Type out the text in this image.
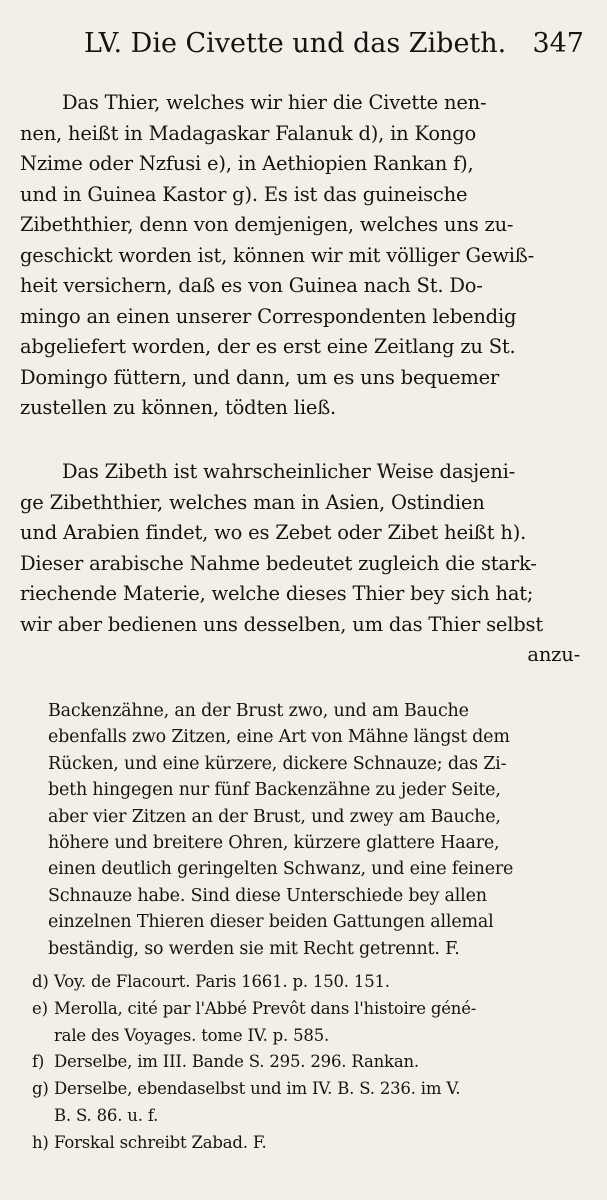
LV. Die Civette und das Zibeth. 347
Das Thier, welches wir hier die Civette nen-
nen, heißt in Madagaskar Falanuk d), in Kongo
Nzime oder Nzfusi e), in Aethiopien Rankan f),
und in Guinea Kastor g). Es ist das guineische
Zibeththier, denn von demjenigen, welches uns zu-
geschickt worden ist, können wir mit völliger Gewiß-
heit versichern, daß es von Guinea nach St. Do-
mingo an einen unserer Correspondenten lebendig
abgeliefert worden, der es erst eine Zeitlang zu St.
Domingo füttern, und dann, um es uns bequemer
zustellen zu können, tödten ließ.
Das Zibeth ist wahrscheinlicher Weise dasjeni-
ge Zibeththier, welches man in Asien, Ostindien
und Arabien findet, wo es Zebet oder Zibet heißt h).
Dieser arabische Nahme bedeutet zugleich die stark-
riechende Materie, welche dieses Thier bey sich hat;
wir aber bedienen uns desselben, um das Thier selbst
anzu-
Backenzähne, an der Brust zwo, und am Bauche
ebenfalls zwo Zitzen, eine Art von Mähne längst dem
Rücken, und eine kürzere, dickere Schnauze; das Zi-
beth hingegen nur fünf Backenzähne zu jeder Seite,
aber vier Zitzen an der Brust, und zwey am Bauche,
höhere und breitere Ohren, kürzere glattere Haare,
einen deutlich geringelten Schwanz, und eine feinere
Schnauze habe. Sind diese Unterschiede bey allen
einzelnen Thieren dieser beiden Gattungen allemal
beständig, so werden sie mit Recht getrennt. F.
d) Voy. de Flacourt. Paris 1661. p. 150. 151.
e) Merolla, cité par l'Abbé Prevôt dans l'histoire géné-
rale des Voyages. tome IV. p. 585.
f) Derselbe, im III. Bande S. 295. 296. Rankan.
g) Derselbe, ebendaselbst und im IV. B. S. 236. im V.
B. S. 86. u. f.
h) Forskal schreibt Zabad. F.
